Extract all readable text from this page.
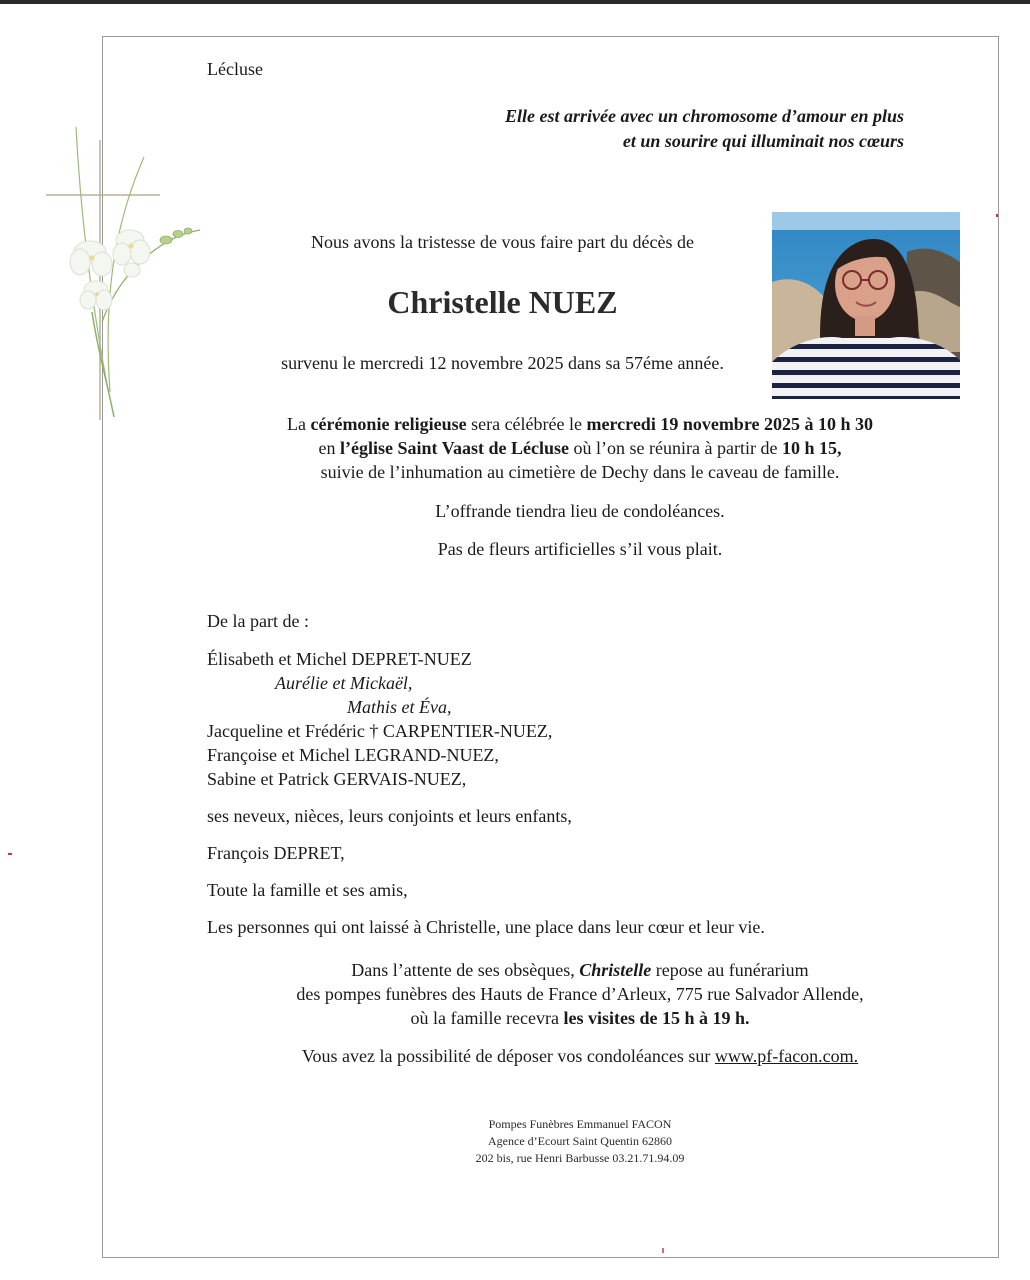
Lécluse
Elle est arrivée avec un chromosome d’amour en plus
et un sourire qui illuminait nos cœurs
Nous avons la tristesse de vous faire part du décès de
Christelle NUEZ
survenu le mercredi 12 novembre 2025 dans sa 57éme année.
La cérémonie religieuse sera célébrée le mercredi 19 novembre 2025 à 10 h 30
en l’église Saint Vaast de Lécluse où l’on se réunira à partir de 10 h 15,
suivie de l’inhumation au cimetière de Dechy dans le caveau de famille.
L’offrande tiendra lieu de condoléances.
Pas de fleurs artificielles s’il vous plait.
De la part de :
Élisabeth et Michel DEPRET-NUEZ
Aurélie et Mickaël,
Mathis et Éva,
Jacqueline et Frédéric † CARPENTIER-NUEZ,
Françoise et Michel LEGRAND-NUEZ,
Sabine et Patrick GERVAIS-NUEZ,
ses neveux, nièces, leurs conjoints et leurs enfants,
François DEPRET,
Toute la famille et ses amis,
Les personnes qui ont laissé à Christelle, une place dans leur cœur et leur vie.
Dans l’attente de ses obsèques, Christelle repose au funérarium
des pompes funèbres des Hauts de France d’Arleux, 775 rue Salvador Allende,
où la famille recevra les visites de 15 h à 19 h.
Vous avez la possibilité de déposer vos condoléances sur www.pf-facon.com.
Pompes Funèbres Emmanuel FACON
Agence d’Ecourt Saint Quentin 62860
202 bis, rue Henri Barbusse 03.21.71.94.09
